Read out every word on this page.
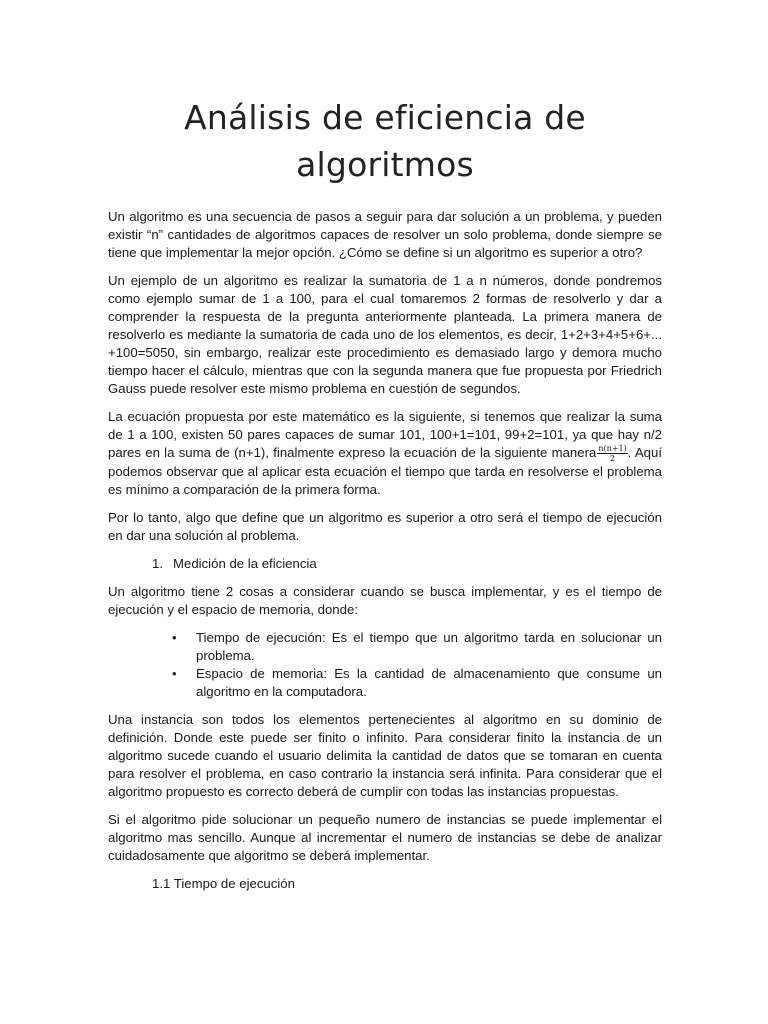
Análisis de eficiencia de algoritmos

Un algoritmo es una secuencia de pasos a seguir para dar solución a un problema, y pueden existir “n” cantidades de algoritmos capaces de resolver un solo problema, donde siempre se tiene que implementar la mejor opción. ¿Cómo se define si un algoritmo es superior a otro?

Un ejemplo de un algoritmo es realizar la sumatoria de 1 a n números, donde pondremos como ejemplo sumar de 1 a 100, para el cual tomaremos 2 formas de resolverlo y dar a comprender la respuesta de la pregunta anteriormente planteada. La primera manera de resolverlo es mediante la sumatoria de cada uno de los elementos, es decir, 1+2+3+4+5+6+... +100=5050, sin embargo, realizar este procedimiento es demasiado largo y demora mucho tiempo hacer el cálculo, mientras que con la segunda manera que fue propuesta por Friedrich Gauss puede resolver este mismo problema en cuestión de segundos.

La ecuación propuesta por este matemático es la siguiente, si tenemos que realizar la suma de 1 a 100, existen 50 pares capaces de sumar 101, 100+1=101, 99+2=101, ya que hay n/2 pares en la suma de (n+1), finalmente expreso la ecuación de la siguiente manera $\frac{n(n+1)}{2}$ . Aquí podemos observar que al aplicar esta ecuación el tiempo que tarda en resolverse el problema es mínimo a comparación de la primera forma.

Por lo tanto, algo que define que un algoritmo es superior a otro será el tiempo de ejecución en dar una solución al problema.

1. Medición de la eficiencia

Un algoritmo tiene 2 cosas a considerar cuando se busca implementar, y es el tiempo de ejecución y el espacio de memoria, donde:

• Tiempo de ejecución: Es el tiempo que un algoritmo tarda en solucionar un problema.
• Espacio de memoria: Es la cantidad de almacenamiento que consume un algoritmo en la computadora.

Una instancia son todos los elementos pertenecientes al algoritmo en su dominio de definición. Donde este puede ser finito o infinito. Para considerar finito la instancia de un algoritmo sucede cuando el usuario delimita la cantidad de datos que se tomaran en cuenta para resolver el problema, en caso contrario la instancia será infinita. Para considerar que el algoritmo propuesto es correcto deberá de cumplir con todas las instancias propuestas.

Si el algoritmo pide solucionar un pequeño numero de instancias se puede implementar el algoritmo mas sencillo. Aunque al incrementar el numero de instancias se debe de analizar cuidadosamente que algoritmo se deberá implementar.

1.1 Tiempo de ejecución
